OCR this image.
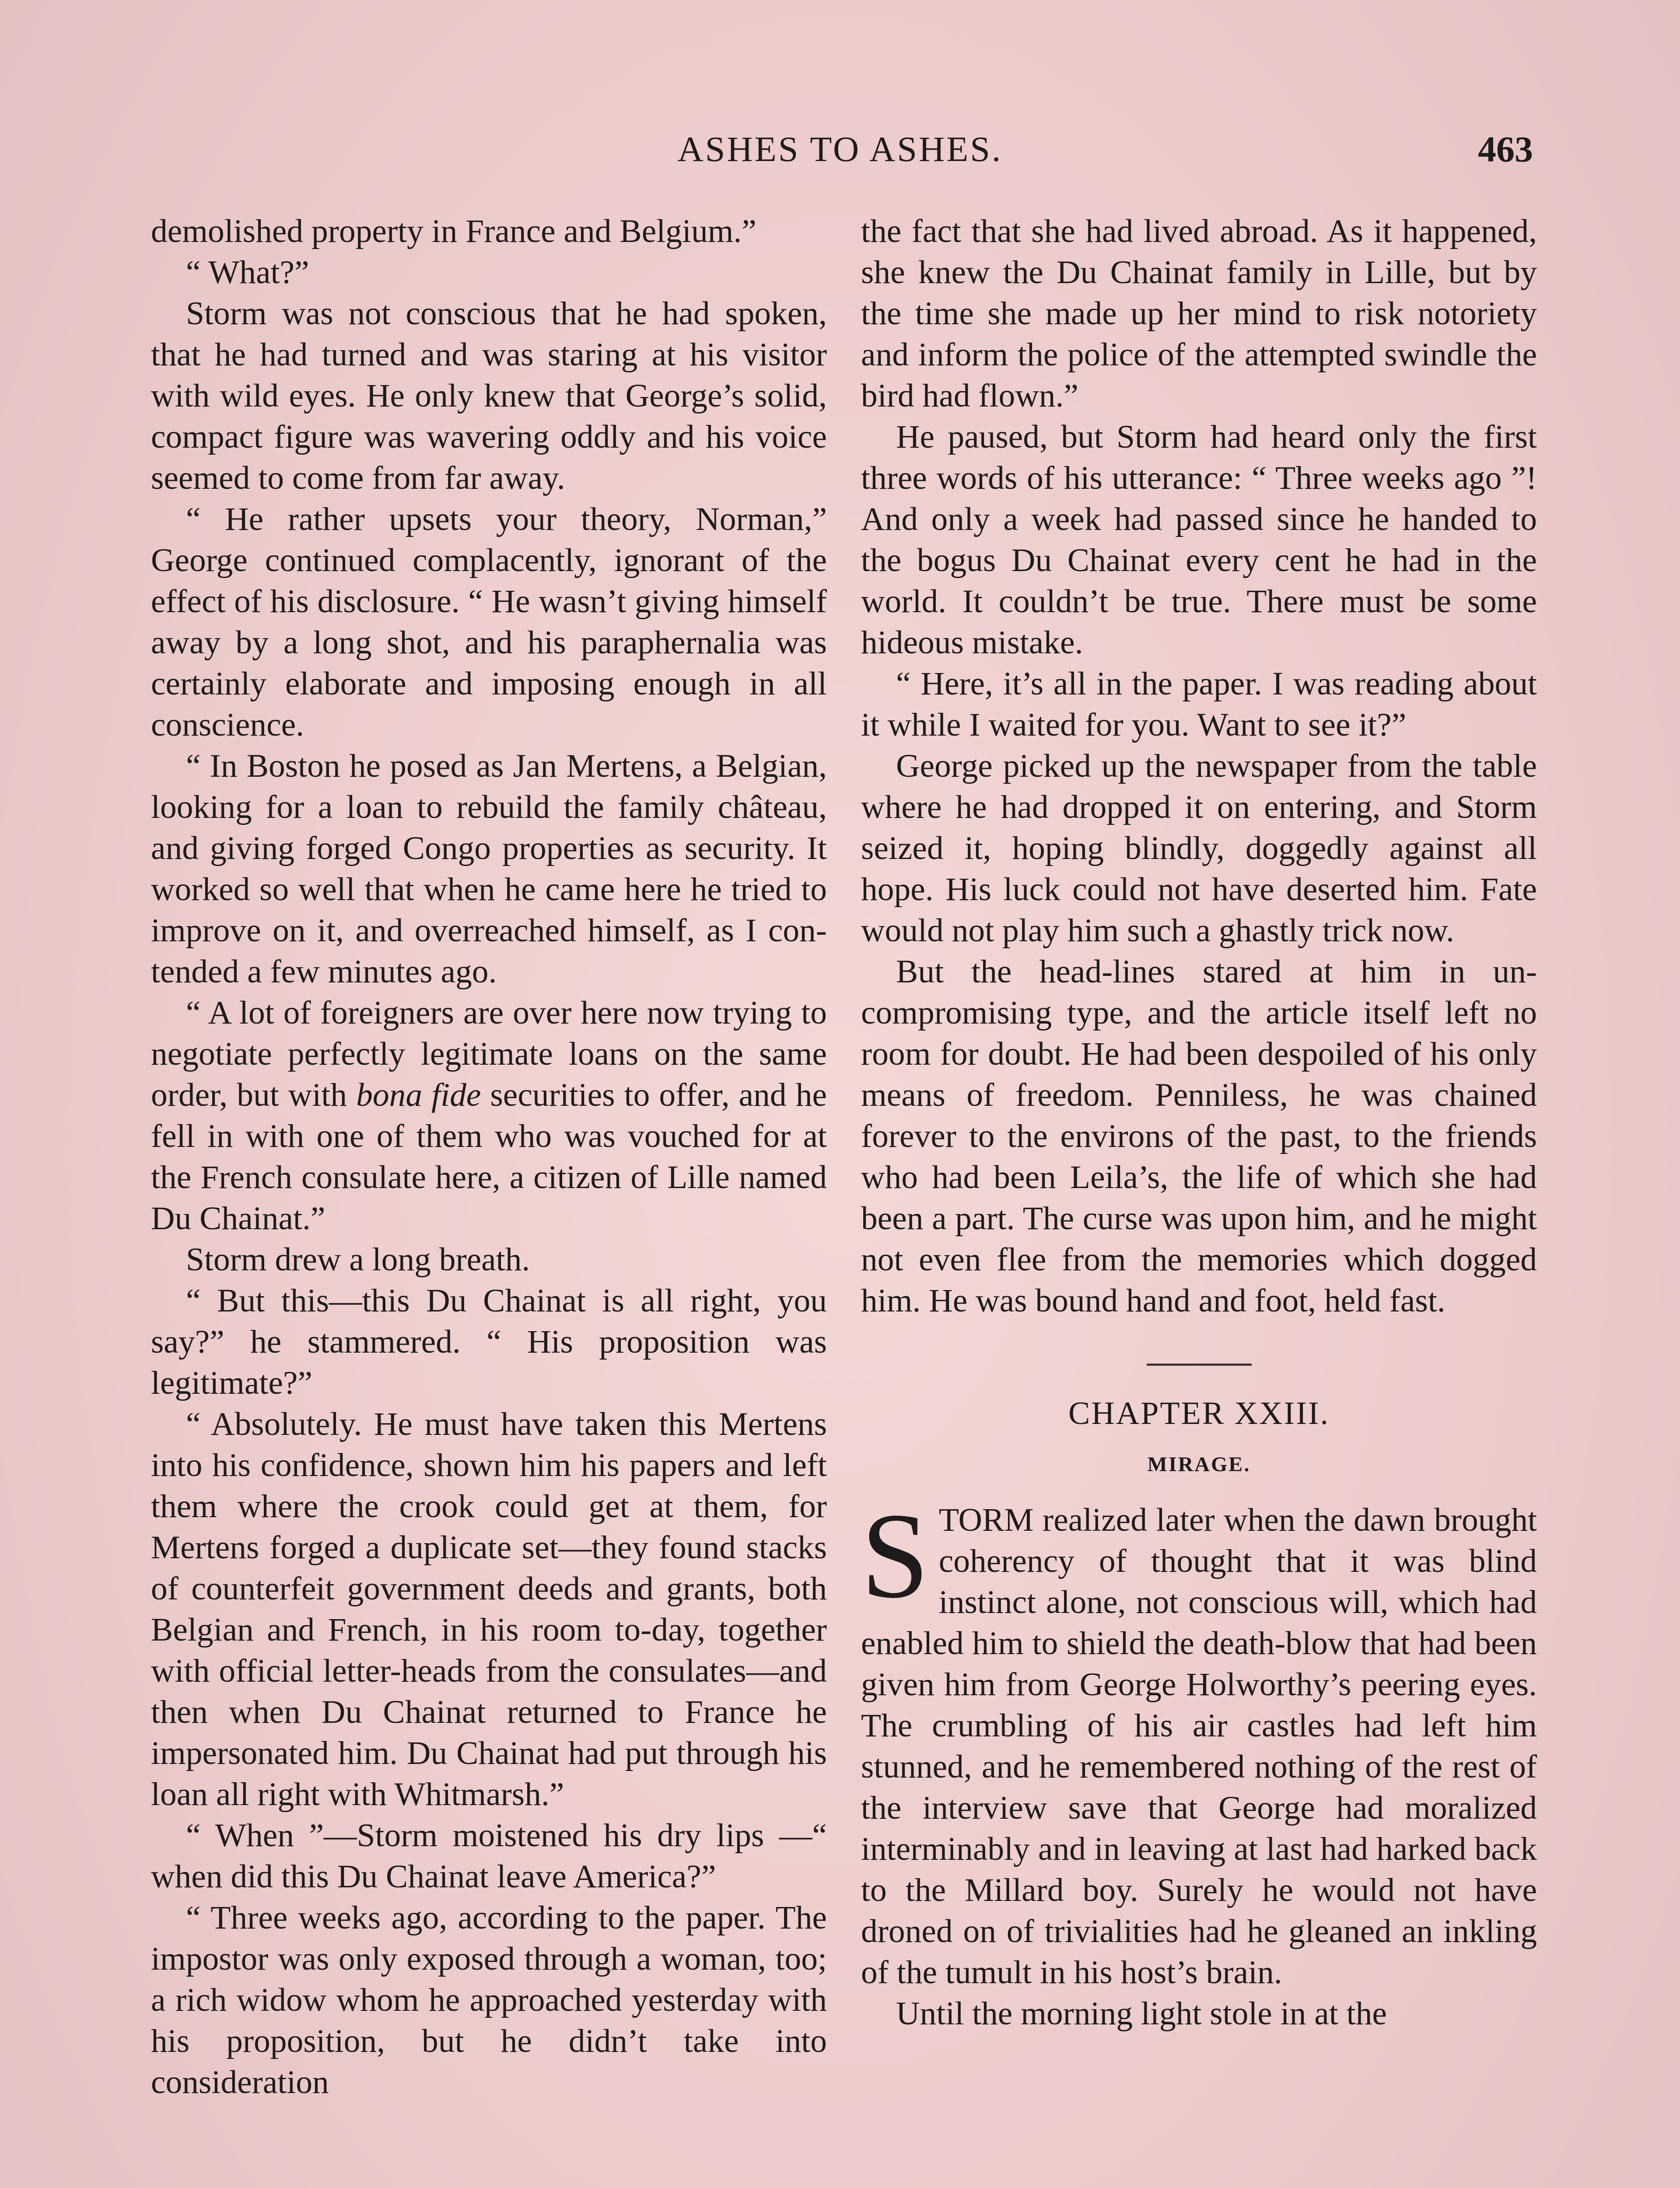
ASHES TO ASHES.	463

demolished property in France and Belgium.”

“ What?”

Storm was not conscious that he had spoken, that he had turned and was staring at his visitor with wild eyes. He only knew that George’s solid, compact figure was wavering oddly and his voice seemed to come from far away.

“ He rather upsets your theory, Norman,” George continued complacently, ignorant of the effect of his disclosure. “ He wasn’t giving himself away by a long shot, and his paraphernalia was certainly elaborate and imposing enough in all conscience.

“ In Boston he posed as Jan Mertens, a Belgian, looking for a loan to rebuild the family château, and giving forged Congo properties as security. It worked so well that when he came here he tried to improve on it, and overreached himself, as I contended a few minutes ago.

“ A lot of foreigners are over here now trying to negotiate perfectly legitimate loans on the same order, but with bona fide securities to offer, and he fell in with one of them who was vouched for at the French consulate here, a citizen of Lille named Du Chainat.”

Storm drew a long breath.

“ But this—this Du Chainat is all right, you say?” he stammered. “ His proposition was legitimate?”

“ Absolutely. He must have taken this Mertens into his confidence, shown him his papers and left them where the crook could get at them, for Mertens forged a duplicate set—they found stacks of counterfeit government deeds and grants, both Belgian and French, in his room to-day, together with official letter-heads from the consulates—and then when Du Chainat returned to France he impersonated him. Du Chainat had put through his loan all right with Whitmarsh.”

“ When ”—Storm moistened his dry lips —“ when did this Du Chainat leave America?”

“ Three weeks ago, according to the paper. The impostor was only exposed through a woman, too; a rich widow whom he approached yesterday with his proposition, but he didn’t take into consideration

the fact that she had lived abroad. As it happened, she knew the Du Chainat family in Lille, but by the time she made up her mind to risk notoriety and inform the police of the attempted swindle the bird had flown.”

He paused, but Storm had heard only the first three words of his utterance: “ Three weeks ago ”! And only a week had passed since he handed to the bogus Du Chainat every cent he had in the world. It couldn’t be true. There must be some hideous mistake.

“ Here, it’s all in the paper. I was reading about it while I waited for you. Want to see it?”

George picked up the newspaper from the table where he had dropped it on entering, and Storm seized it, hoping blindly, doggedly against all hope. His luck could not have deserted him. Fate would not play him such a ghastly trick now.

But the head-lines stared at him in uncompromising type, and the article itself left no room for doubt. He had been despoiled of his only means of freedom. Penniless, he was chained forever to the environs of the past, to the friends who had been Leila’s, the life of which she had been a part. The curse was upon him, and he might not even flee from the memories which dogged him. He was bound hand and foot, held fast.

CHAPTER XXIII.
MIRAGE.

STORM realized later when the dawn brought coherency of thought that it was blind instinct alone, not conscious will, which had enabled him to shield the death-blow that had been given him from George Holworthy’s peering eyes. The crumbling of his air castles had left him stunned, and he remembered nothing of the rest of the interview save that George had moralized interminably and in leaving at last had harked back to the Millard boy. Surely he would not have droned on of trivialities had he gleaned an inkling of the tumult in his host’s brain.

Until the morning light stole in at the
